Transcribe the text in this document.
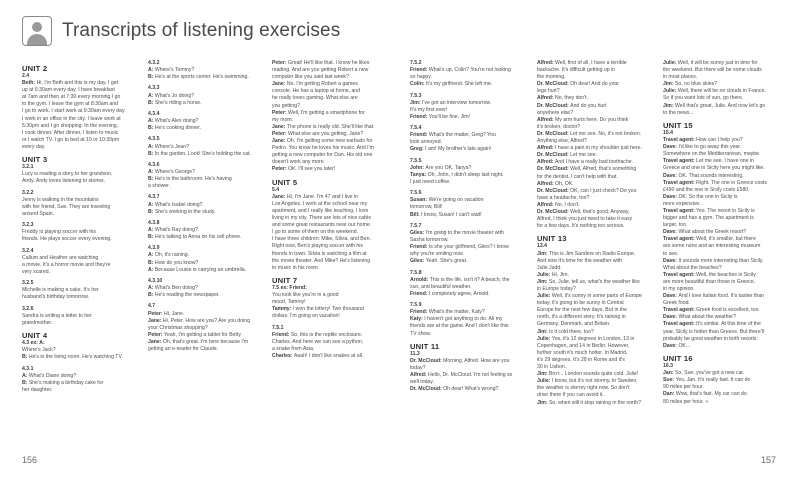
Transcripts of listening exercises
UNIT 2
2.4
Beth: Hi, I'm Beth and this is my day. I get
up at 6:30am every day. I have breakfast
at 7am and then at 7:30 every morning I go
to the gym. I leave the gym at 8:30am and
I go to work. I start work at 9:30am every day.
I work in an office in the city. I leave work at
5:30pm and I go shopping. In the evening,
I cook dinner. After dinner, I listen to music
or I watch TV. I go to bed at 10 or 10:30pm
every day.
UNIT 3
3.2.1
Lucy is reading a story to her grandson.
Andy. Andy loves listening to stories.
3.2.2
Jenny is walking in the mountains
with her friend, Sue. They are traveling
around Spain.
3.2.3
Freddy is playing soccer with his
friends. He plays soccer every evening.
3.2.4
Callum and Heather are watching
a movie. It's a horror movie and they're
very scared.
3.2.5
Michelle is making a cake. It's her
husband's birthday tomorrow.
3.2.6
Sandra is writing a letter to her
grandmother.
UNIT 4
4.3 ex: A:
Where's Jack?
B: He's in the living room. He's watching TV.
4.3.1
A: What's Diane doing?
B: She's making a birthday cake for
her daughter.
4.3.2
A: Where's Tommy?
B: He's at the sports center. He's swimming.
4.3.3
A: What's Jo doing?
B: She's riding a horse.
4.3.4
A: What's Alex doing?
B: He's cooking dinner.
4.3.5
A: Where's Jean?
B: In the garden. Look! She's holding the cat.
4.3.6
A: Where's George?
B: He's in the bathroom. He's having
a shower.
4.3.7
A: What's Isabel doing?
B: She's working in the study.
4.3.8
A: What's Ray doing?
B: He's talking to Anna on his cell phone.
4.3.9
A: Oh, it's raining.
B: How do you know?
A: Because Louise is carrying an umbrella.
4.3.10
A: What's Ben doing?
B: He's reading the newspaper.
4.7
Peter: Hi, Jane.
Jane: Hi, Peter. How are you? Are you doing
your Christmas shopping?
Peter: Yeah, I'm getting a tablet for Betty.
Jane: Oh, that's great. I'm here because I'm
getting an e-reader for Claude.
Peter: Great! He'll like that. I know he likes
reading. And are you getting Robert a new
computer like you said last week?
Jane: No. I'm getting Robert a games
console. He has a laptop at home, and
he really loves gaming. What else are
you getting?
Peter: Well, I'm getting a smartphone for
my mom.
Jane: The phone is really old. She'll like that.
Peter: What else are you getting, Jane?
Jane: Oh. I'm getting some new earbuds for
Pedro. You know he loves his music. And I'm
getting a new computer for Dan. His old one
doesn't work any more.
Peter: OK. I'll see you later!
UNIT 5
5.4
Jane: Hi, I'm Jane. I'm 47 and I live in
Los Angeles. I work at the school near my
apartment, and I really like teaching. I love
living in my city. There are lots of nice cafés
and some great restaurants near our home.
I go to some of them on the weekend.
I have three children: Mike, Silvia, and Ben.
Right now, Ben's playing soccer with his
friends in town. Silvia is watching a film at
the movie theater. And Mike? He's listening
to music in his room.
UNIT 7
7.5 ex: Friend:
You look like you're in a good
mood, Tammy!
Tammy: I won the lottery! Two thousand
dollars. I'm going on vacation!
7.5.1
Friend: So, this is the reptile enclosure.
Charles. And here we can see a python,
a snake from Asia.
Charles: Aaah! I don't like snakes at all.
7.5.2
Friend: What's up, Colin? You're not looking
so happy.
Colin: It's my girlfriend. She left me.
7.5.3
Jim: I've got an interview tomorrow.
It's my first ever!
Friend: You'll be fine, Jim!
7.5.4
Friend: What's the matter, Greg? You
look annoyed.
Greg: I am! My brother's late again!
7.5.5
John: Are you OK, Tanya?
Tanya: Oh, John, I didn't sleep last night.
I just need coffee.
7.5.6
Susan: We're going on vacation
tomorrow, Bill!
Bill: I know, Susan! I can't wait!
7.5.7
Giles: I'm going to the movie theater with
Sasha tomorrow.
Friend: Is she your girlfriend, Giles? I know
why you're smiling now.
Giles: Yeah. She's great.
7.5.8
Arnold: This is the life, isn't it? A beach, the
sun, and beautiful weather.
Friend: I completely agree, Arnold.
7.5.9
Friend: What's the matter, Katy?
Katy: I haven't got anything to do. All my
friends are at the game. And I don't like this
TV show.
UNIT 11
11.3
Dr. McCloud: Morning, Alfred. How are you
today?
Alfred: Hello, Dr. McCloud. I'm not feeling so
well today.
Dr. McCloud: Oh dear! What's wrong?
Alfred: Well, first of all, I have a terrible
backache. It's difficult getting up in
the morning.
Dr. McCloud: Oh dear! And do your
legs hurt?
Alfred: No, they don't.
Dr. McCloud: And do you hurt
anywhere else?
Alfred: My arm hurts here. Do you think
it's broken, doctor?
Dr. McCloud: Let me see. No, it's not broken.
Anything else, Alfred?
Alfred: I have a pain in my shoulder just here.
Dr. McCloud: Let me see.
Alfred: And I have a really bad toothache.
Dr. McCloud: Well, Alfred, that's something
for the dentist. I can't help with that.
Alfred: Oh, OK.
Dr. McCloud: OK, can I just check? Do you
have a headache, too?
Alfred: No, I don't.
Dr. McCloud: Well, that's good. Anyway,
Alfred, I think you just need to take it easy
for a few days. It's nothing too serious.
UNIT 13
13.4
Jim: This is Jim Sanders on Radio Europe.
And now it's time for the weather with
Julie Judd.
Julie: Hi, Jim.
Jim: So, Julie, tell us, what's the weather like
in Europe today?
Julie: Well, it's sunny in some parts of Europe
today, it's going to be sunny in Central
Europe for the next few days. But in the
north, it's a different story. It's raining in
Germany, Denmark, and Britain.
Jim: Is it cold there, too?
Julie: Yes, it's 12 degrees in London, 13 in
Copenhagen, and 14 in Berlin. However,
further south it's much hotter. In Madrid,
it's 29 degrees. It's 28 in Rome and it's
30 in Lisbon.
Jim: Brrrr... London sounds quite cold. Julie!
Julie: I know, but it's not stormy. In Sweden,
the weather is stormy right now. So don't
drive there if you can avoid it.
Jim: So, when will it stop raining in the north?
Julie: Well, it will be sunny just in time for
the weekend. But there will be some clouds
in most places.
Jim: So, no blue skies?
Julie: Well, there will be no clouds in France.
So if you want lots of sun, go there.
Jim: Well that's great, Julie. And now let's go
to the news...
UNIT 15
15.4
Travel agent: How can I help you?
Dave: I'd like to go away this year.
Somewhere on the Mediterranean, maybe.
Travel agent: Let me see. I have one in
Greece and one in Sicily here you might like.
Dave: OK. That sounds interesting.
Travel agent: Right. The one in Greece costs
£490 and the one in Sicily costs £580.
Dave: OK. So the one in Sicily is
more expensive.
Travel agent: Yes. The resort in Sicily is
bigger and has a gym. The apartment is
larger, too.
Dave: What about the Greek resort?
Travel agent: Well, it's smaller, but there
are some ruins and an interesting museum
to see.
Dave: It sounds more interesting than Sicily.
What about the beaches?
Travel agent: Well, the beaches in Sicily
are more beautiful than those in Greece,
in my opinion.
Dave: And I love Italian food. It's tastier than
Greek food.
Travel agent: Greek food is excellent, too.
Dave: What about the weather?
Travel agent: It's similar. At this time of the
year, Sicily is hotter than Greece. But there'll
probably be good weather in both resorts.
Dave: OK...
UNIT 16
16.3
Jan: So, Sue, you've got a new car.
Sue: Yes, Jan. It's really fast. It can do
90 miles per hour.
Dan: Wow, that's fast. My car can do
80 miles per hour. »
156	157
